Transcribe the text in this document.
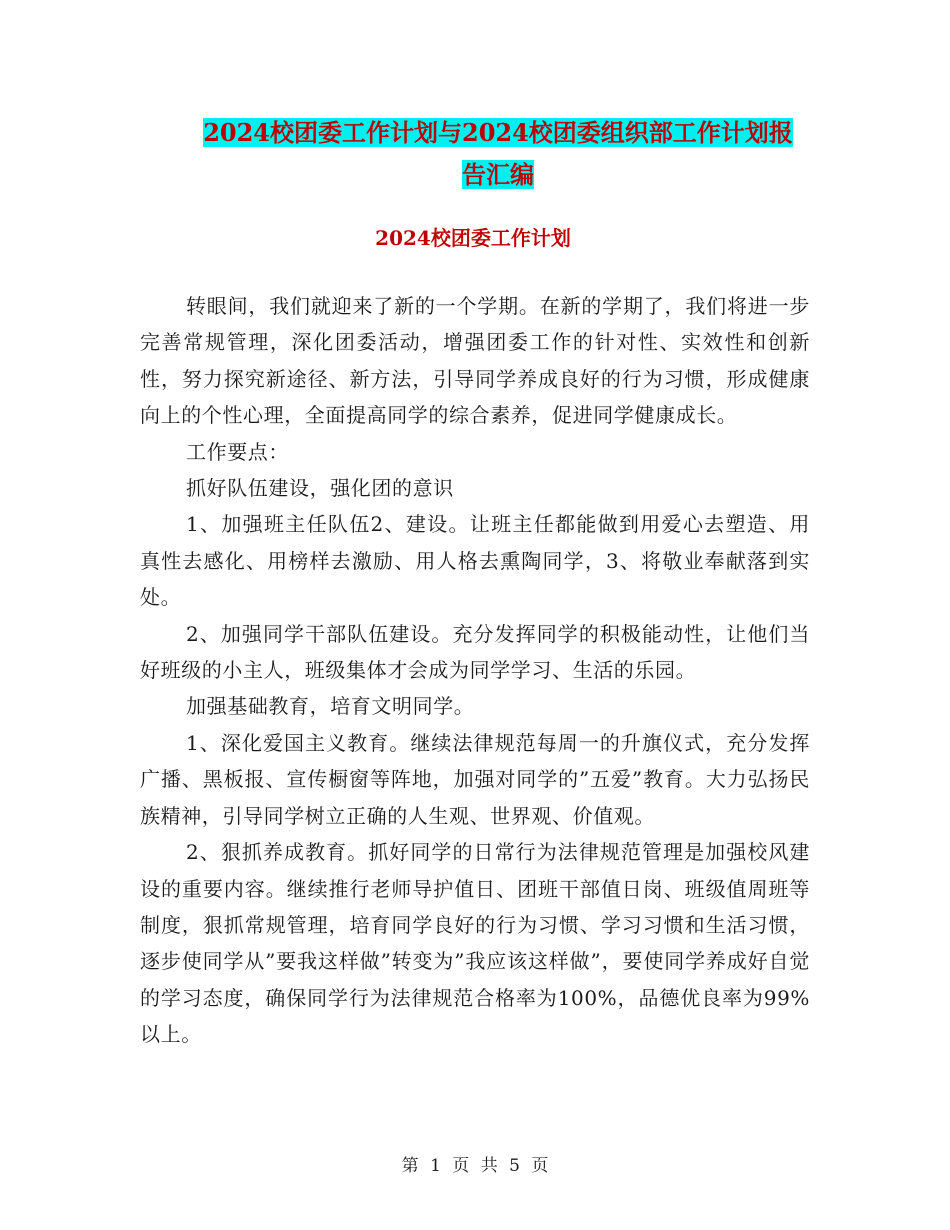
2024校团委工作计划与2024校团委组织部工作计划报
告汇编
2024校团委工作计划

转眼间，我们就迎来了新的一个学期。在新的学期了，我们将进一步完善常规管理，深化团委活动，增强团委工作的针对性、实效性和创新性，努力探究新途径、新方法，引导同学养成良好的行为习惯，形成健康向上的个性心理，全面提高同学的综合素养，促进同学健康成长。

工作要点：

抓好队伍建设，强化团的意识

1、加强班主任队伍2、建设。让班主任都能做到用爱心去塑造、用真性去感化、用榜样去激励、用人格去熏陶同学，3、将敬业奉献落到实处。

2、加强同学干部队伍建设。充分发挥同学的积极能动性，让他们当好班级的小主人，班级集体才会成为同学学习、生活的乐园。

加强基础教育，培育文明同学。

1、深化爱国主义教育。继续法律规范每周一的升旗仪式，充分发挥广播、黑板报、宣传橱窗等阵地，加强对同学的”五爱”教育。大力弘扬民族精神，引导同学树立正确的人生观、世界观、价值观。

2、狠抓养成教育。抓好同学的日常行为法律规范管理是加强校风建设的重要内容。继续推行老师导护值日、团班干部值日岗、班级值周班等制度，狠抓常规管理，培育同学良好的行为习惯、学习习惯和生活习惯，逐步使同学从”要我这样做”转变为”我应该这样做”，要使同学养成好自觉的学习态度，确保同学行为法律规范合格率为100%，品德优良率为99%以上。

第 1 页 共 5 页
